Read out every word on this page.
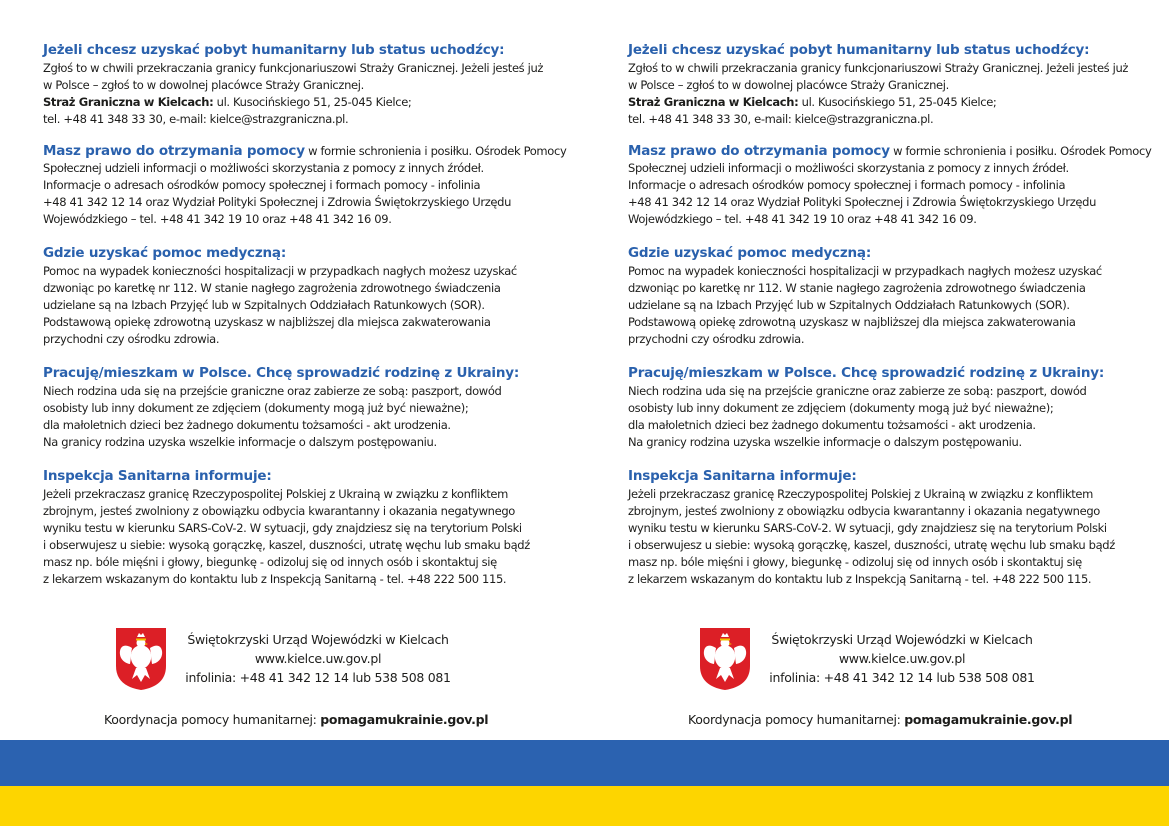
Jeżeli chcesz uzyskać pobyt humanitarny lub status uchodźcy:
Zgłoś to w chwili przekraczania granicy funkcjonariuszowi Straży Granicznej. Jeżeli jesteś już
w Polsce – zgłoś to w dowolnej placówce Straży Granicznej.
Straż Graniczna w Kielcach: ul. Kusocińskiego 51, 25-045 Kielce;
tel. +48 41 348 33 30, e-mail: kielce@strazgraniczna.pl.
Masz prawo do otrzymania pomocy w formie schronienia i posiłku. Ośrodek Pomocy
Społecznej udzieli informacji o możliwości skorzystania z pomocy z innych źródeł.
Informacje o adresach ośrodków pomocy społecznej i formach pomocy - infolinia
+48 41 342 12 14 oraz Wydział Polityki Społecznej i Zdrowia Świętokrzyskiego Urzędu
Wojewódzkiego – tel. +48 41 342 19 10 oraz +48 41 342 16 09.
Gdzie uzyskać pomoc medyczną:
Pomoc na wypadek konieczności hospitalizacji w przypadkach nagłych możesz uzyskać
dzwoniąc po karetkę nr 112. W stanie nagłego zagrożenia zdrowotnego świadczenia
udzielane są na Izbach Przyjęć lub w Szpitalnych Oddziałach Ratunkowych (SOR).
Podstawową opiekę zdrowotną uzyskasz w najbliższej dla miejsca zakwaterowania
przychodni czy ośrodku zdrowia.
Pracuję/mieszkam w Polsce. Chcę sprowadzić rodzinę z Ukrainy:
Niech rodzina uda się na przejście graniczne oraz zabierze ze sobą: paszport, dowód
osobisty lub inny dokument ze zdjęciem (dokumenty mogą już być nieważne);
dla małoletnich dzieci bez żadnego dokumentu tożsamości - akt urodzenia.
Na granicy rodzina uzyska wszelkie informacje o dalszym postępowaniu.
Inspekcja Sanitarna informuje:
Jeżeli przekraczasz granicę Rzeczypospolitej Polskiej z Ukrainą w związku z konfliktem
zbrojnym, jesteś zwolniony z obowiązku odbycia kwarantanny i okazania negatywnego
wyniku testu w kierunku SARS-CoV-2. W sytuacji, gdy znajdziesz się na terytorium Polski
i obserwujesz u siebie: wysoką gorączkę, kaszel, duszności, utratę węchu lub smaku bądź
masz np. bóle mięśni i głowy, biegunkę - odizoluj się od innych osób i skontaktuj się
z lekarzem wskazanym do kontaktu lub z Inspekcją Sanitarną - tel. +48 222 500 115.
Świętokrzyski Urząd Wojewódzki w Kielcach
www.kielce.uw.gov.pl
infolinia: +48 41 342 12 14 lub 538 508 081
Koordynacja pomocy humanitarnej: pomagamukrainie.gov.pl
Jeżeli chcesz uzyskać pobyt humanitarny lub status uchodźcy:
Zgłoś to w chwili przekraczania granicy funkcjonariuszowi Straży Granicznej. Jeżeli jesteś już
w Polsce – zgłoś to w dowolnej placówce Straży Granicznej.
Straż Graniczna w Kielcach: ul. Kusocińskiego 51, 25-045 Kielce;
tel. +48 41 348 33 30, e-mail: kielce@strazgraniczna.pl.
Masz prawo do otrzymania pomocy w formie schronienia i posiłku. Ośrodek Pomocy
Społecznej udzieli informacji o możliwości skorzystania z pomocy z innych źródeł.
Informacje o adresach ośrodków pomocy społecznej i formach pomocy - infolinia
+48 41 342 12 14 oraz Wydział Polityki Społecznej i Zdrowia Świętokrzyskiego Urzędu
Wojewódzkiego – tel. +48 41 342 19 10 oraz +48 41 342 16 09.
Gdzie uzyskać pomoc medyczną:
Pomoc na wypadek konieczności hospitalizacji w przypadkach nagłych możesz uzyskać
dzwoniąc po karetkę nr 112. W stanie nagłego zagrożenia zdrowotnego świadczenia
udzielane są na Izbach Przyjęć lub w Szpitalnych Oddziałach Ratunkowych (SOR).
Podstawową opiekę zdrowotną uzyskasz w najbliższej dla miejsca zakwaterowania
przychodni czy ośrodku zdrowia.
Pracuję/mieszkam w Polsce. Chcę sprowadzić rodzinę z Ukrainy:
Niech rodzina uda się na przejście graniczne oraz zabierze ze sobą: paszport, dowód
osobisty lub inny dokument ze zdjęciem (dokumenty mogą już być nieważne);
dla małoletnich dzieci bez żadnego dokumentu tożsamości - akt urodzenia.
Na granicy rodzina uzyska wszelkie informacje o dalszym postępowaniu.
Inspekcja Sanitarna informuje:
Jeżeli przekraczasz granicę Rzeczypospolitej Polskiej z Ukrainą w związku z konfliktem
zbrojnym, jesteś zwolniony z obowiązku odbycia kwarantanny i okazania negatywnego
wyniku testu w kierunku SARS-CoV-2. W sytuacji, gdy znajdziesz się na terytorium Polski
i obserwujesz u siebie: wysoką gorączkę, kaszel, duszności, utratę węchu lub smaku bądź
masz np. bóle mięśni i głowy, biegunkę - odizoluj się od innych osób i skontaktuj się
z lekarzem wskazanym do kontaktu lub z Inspekcją Sanitarną - tel. +48 222 500 115.
Świętokrzyski Urząd Wojewódzki w Kielcach
www.kielce.uw.gov.pl
infolinia: +48 41 342 12 14 lub 538 508 081
Koordynacja pomocy humanitarnej: pomagamukrainie.gov.pl
